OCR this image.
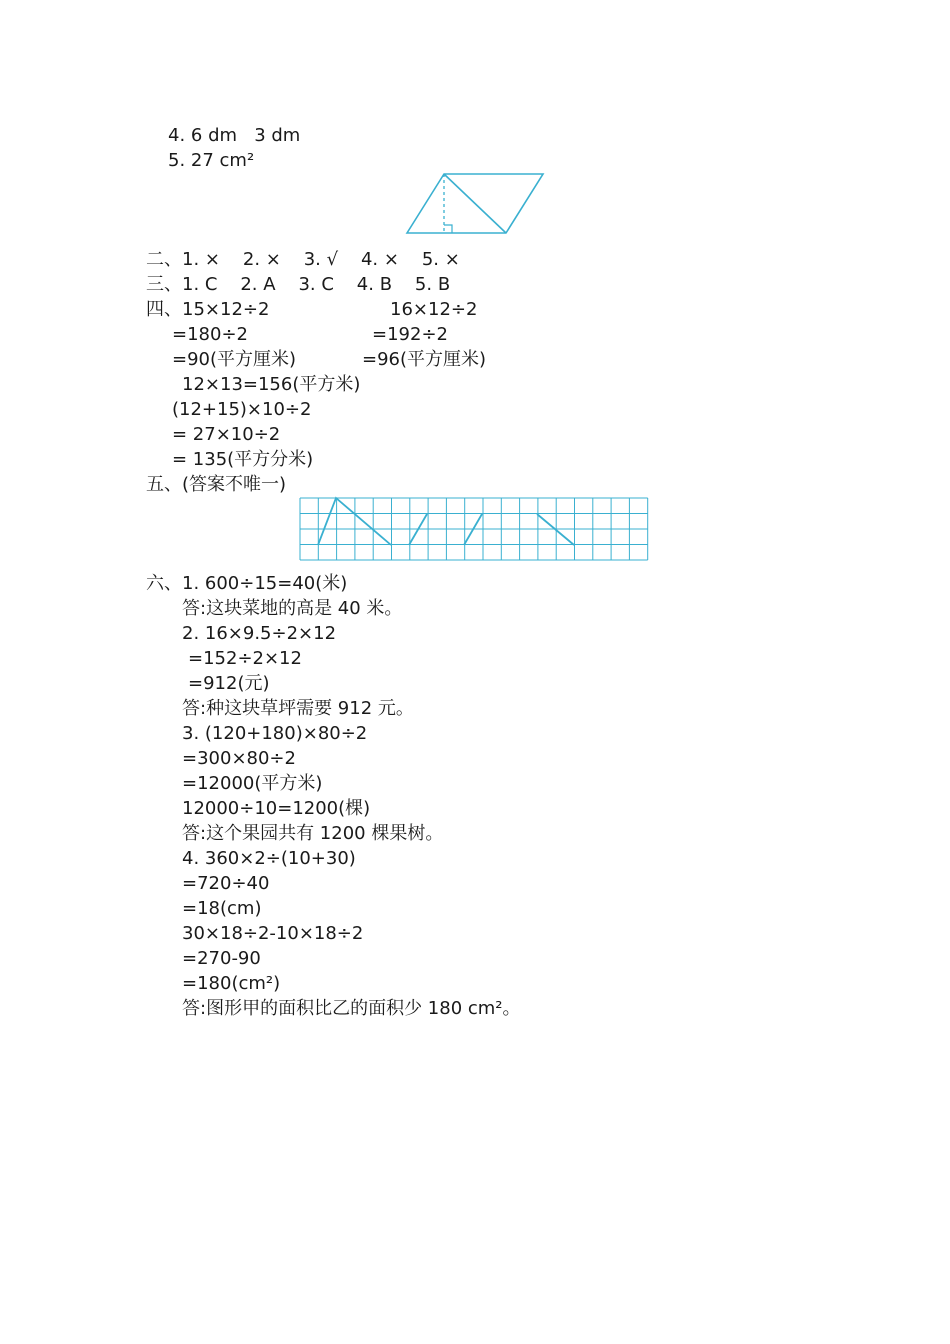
4. 6 dm   3 dm
5. 27 cm²
二、1. ×    2. ×    3. √    4. ×    5. ×
三、1. C    2. A    3. C    4. B    5. B
四、15×12÷2	16×12÷2
=180÷2	=192÷2
=90(平方厘米)	=96(平方厘米)
12×13=156(平方米)
(12+15)×10÷2
= 27×10÷2
= 135(平方分米)
五、(答案不唯一)
六、1. 600÷15=40(米)
答:这块菜地的高是 40 米。
2. 16×9.5÷2×12
=152÷2×12
=912(元)
答:种这块草坪需要 912 元。
3. (120+180)×80÷2
=300×80÷2
=12000(平方米)
12000÷10=1200(棵)
答:这个果园共有 1200 棵果树。
4. 360×2÷(10+30)
=720÷40
=18(cm)
30×18÷2-10×18÷2
=270-90
=180(cm²)
答:图形甲的面积比乙的面积少 180 cm²。
